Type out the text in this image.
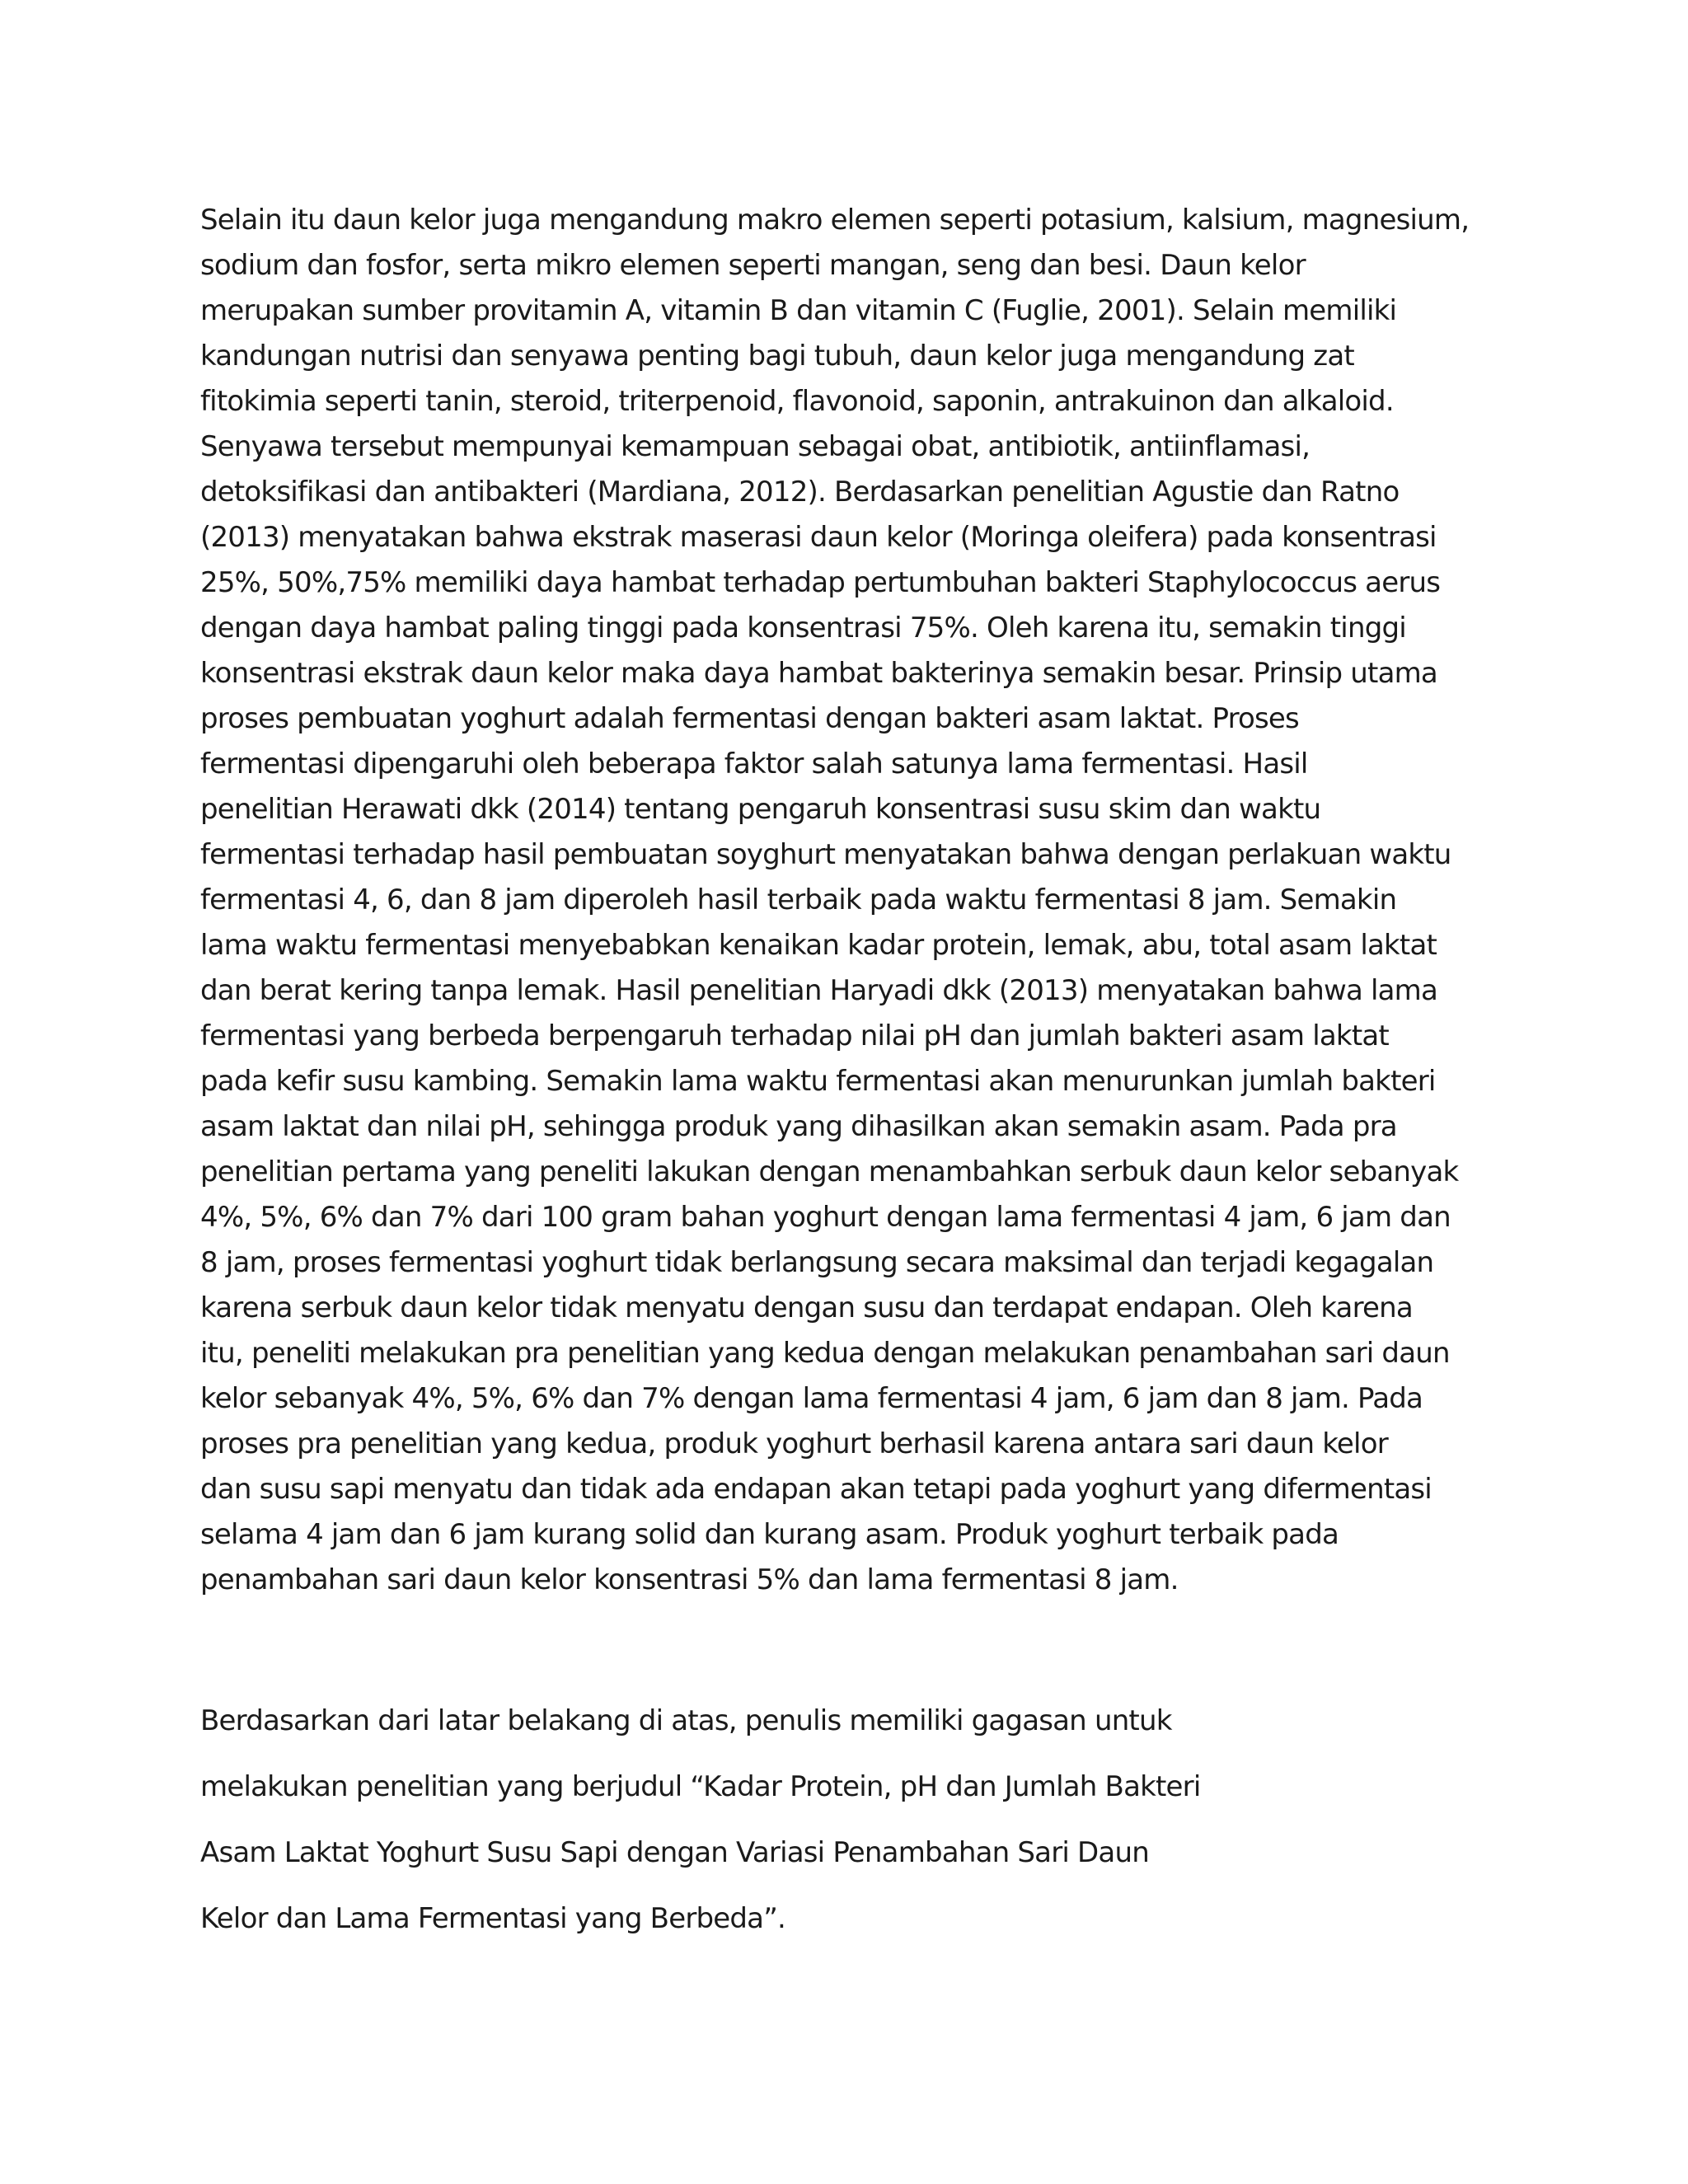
Selain itu daun kelor juga mengandung makro elemen seperti potasium, kalsium, magnesium,
sodium dan fosfor, serta mikro elemen seperti mangan, seng dan besi. Daun kelor
merupakan sumber provitamin A, vitamin B dan vitamin C (Fuglie, 2001). Selain memiliki
kandungan nutrisi dan senyawa penting bagi tubuh, daun kelor juga mengandung zat
fitokimia seperti tanin, steroid, triterpenoid, flavonoid, saponin, antrakuinon dan alkaloid.
Senyawa tersebut mempunyai kemampuan sebagai obat, antibiotik, antiinflamasi,
detoksifikasi dan antibakteri (Mardiana, 2012). Berdasarkan penelitian Agustie dan Ratno
(2013) menyatakan bahwa ekstrak maserasi daun kelor (Moringa oleifera) pada konsentrasi
25%, 50%,75% memiliki daya hambat terhadap pertumbuhan bakteri Staphylococcus aerus
dengan daya hambat paling tinggi pada konsentrasi 75%. Oleh karena itu, semakin tinggi
konsentrasi ekstrak daun kelor maka daya hambat bakterinya semakin besar. Prinsip utama
proses pembuatan yoghurt adalah fermentasi dengan bakteri asam laktat. Proses
fermentasi dipengaruhi oleh beberapa faktor salah satunya lama fermentasi. Hasil
penelitian Herawati dkk (2014) tentang pengaruh konsentrasi susu skim dan waktu
fermentasi terhadap hasil pembuatan soyghurt menyatakan bahwa dengan perlakuan waktu
fermentasi 4, 6, dan 8 jam diperoleh hasil terbaik pada waktu fermentasi 8 jam. Semakin
lama waktu fermentasi menyebabkan kenaikan kadar protein, lemak, abu, total asam laktat
dan berat kering tanpa lemak. Hasil penelitian Haryadi dkk (2013) menyatakan bahwa lama
fermentasi yang berbeda berpengaruh terhadap nilai pH dan jumlah bakteri asam laktat
pada kefir susu kambing. Semakin lama waktu fermentasi akan menurunkan jumlah bakteri
asam laktat dan nilai pH, sehingga produk yang dihasilkan akan semakin asam. Pada pra
penelitian pertama yang peneliti lakukan dengan menambahkan serbuk daun kelor sebanyak
4%, 5%, 6% dan 7% dari 100 gram bahan yoghurt dengan lama fermentasi 4 jam, 6 jam dan
8 jam, proses fermentasi yoghurt tidak berlangsung secara maksimal dan terjadi kegagalan
karena serbuk daun kelor tidak menyatu dengan susu dan terdapat endapan. Oleh karena
itu, peneliti melakukan pra penelitian yang kedua dengan melakukan penambahan sari daun
kelor sebanyak 4%, 5%, 6% dan 7% dengan lama fermentasi 4 jam, 6 jam dan 8 jam. Pada
proses pra penelitian yang kedua, produk yoghurt berhasil karena antara sari daun kelor
dan susu sapi menyatu dan tidak ada endapan akan tetapi pada yoghurt yang difermentasi
selama 4 jam dan 6 jam kurang solid dan kurang asam. Produk yoghurt terbaik pada
penambahan sari daun kelor konsentrasi 5% dan lama fermentasi 8 jam.
Berdasarkan dari latar belakang di atas, penulis memiliki gagasan untuk
melakukan penelitian yang berjudul “Kadar Protein, pH dan Jumlah Bakteri
Asam Laktat Yoghurt Susu Sapi dengan Variasi Penambahan Sari Daun
Kelor dan Lama Fermentasi yang Berbeda”.
